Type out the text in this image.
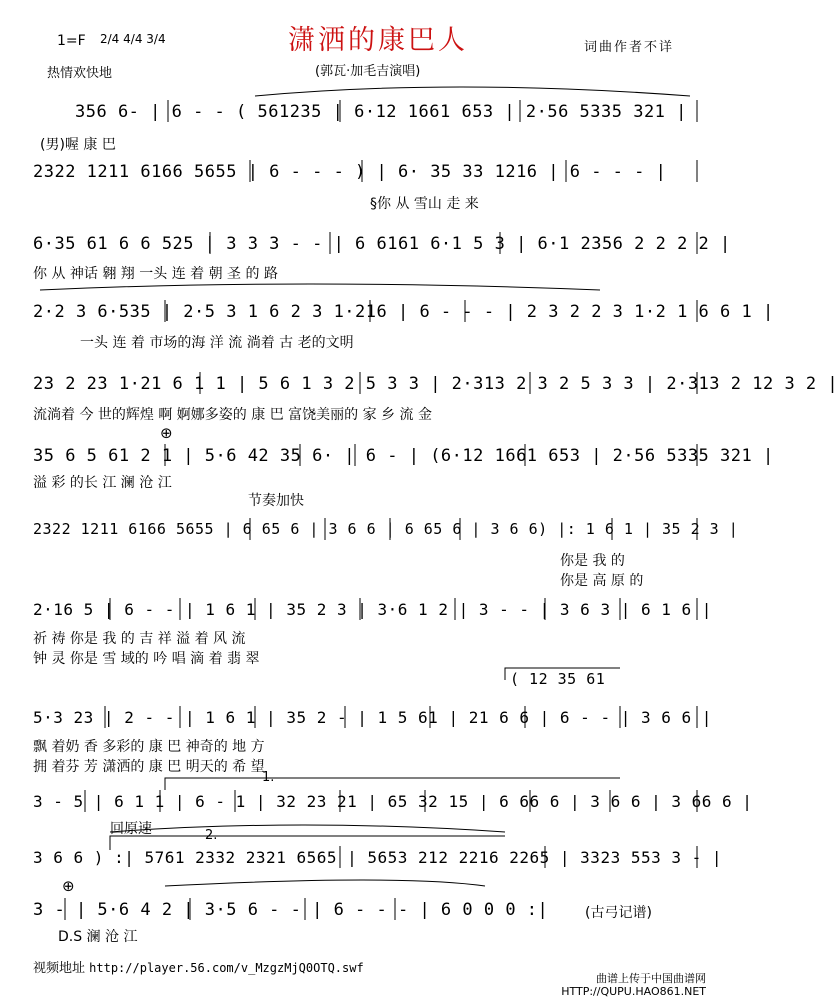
潇洒的康巴人
(郭瓦·加毛吉演唱)
1=F 2/4 4/4 3/4
热情欢快地
词曲作者不详
356 6‑ | 6 ‑ ‑ ( 561235 | 6·12 1661 653 | 2·56 5335 321 |
(男)喔 康 巴
2322 1211 6166 5655 | 6 ‑ ‑ ‑ ) | 6· 35 33 1216 | 6 ‑ ‑ ‑ |
§你 从 雪山 走 来
6·35 61 6 6 525 | 3 3 3 ‑ ‑ | 6 6161 6·1 5 3 | 6·1 2356 2 2 2 2 |
你 从 神话 翱 翔 一头 连 着 朝 圣 的 路
2·2 3 6·535 | 2·5 3 1 6 2 3 1·216 | 6 ‑ ‑ ‑ | 2 3 2 2 3 1·2 1 6 6 1 |
一头 连 着 市场的海 洋 流 淌着 古 老的文明
23 2 23 1·21 6 1 1 | 5 6 1 3 2 5 3 3 | 2·313 2 3 2 5 3 3 | 2·313 2 12 3 2 |
流淌着 今 世的辉煌 啊 婀娜多姿的 康 巴 富饶美丽的 家 乡 流 金
⊕
35 6 5 61 2 1 | 5·6 42 35 6· | 6 ‑ | (6·12 1661 653 | 2·56 5335 321 |
溢 彩 的长 江 澜 沧 江
节奏加快
2322 1211 6166 5655 | 6 65 6 | 3 6 6 | 6 65 6 | 3 6 6) |: 1 6 1 | 35 2 3 |
你是 我 的
你是 高 原 的
2·16 5 | 6 ‑ ‑ | 1 6 1 | 35 2 3 | 3·6 1 2 | 3 ‑ ‑ | 3 6 3 | 6 1 6 |
祈 祷 你是 我 的 吉 祥 溢 着 风 流
钟 灵 你是 雪 域的 吟 唱 滴 着 翡 翠
( 12 35 61
5·3 23 | 2 ‑ ‑ | 1 6 1 | 35 2 ‑ | 1 5 61 | 21 6 6 | 6 ‑ ‑ | 3 6 6 |
飘 着奶 香 多彩的 康 巴 神奇的 地 方
拥 着芬 芳 潇洒的 康 巴 明天的 希 望
1.
3 ‑ 5 | 6 1 1 | 6 ‑ 1 | 32 23 21 | 65 32 15 | 6 66 6 | 3 6 6 | 3 66 6 |
回原速	2.
3 6 6 ) :| 5761 2332 2321 6565 | 5653 212 2216 2265 | 3323 553 3 ‑ |
⊕
3 ‑ | 5·6 4 2 | 3·5 6 ‑ ‑ | 6 ‑ ‑ ‑ | 6 0 0 0 :|
D.S 澜 沧 江
(古弓记谱)
视频地址 http://player.56.com/v_MzgzMjQ0OTQ.swf
曲谱上传于中国曲谱网
HTTP://QUPU.HAO861.NET
